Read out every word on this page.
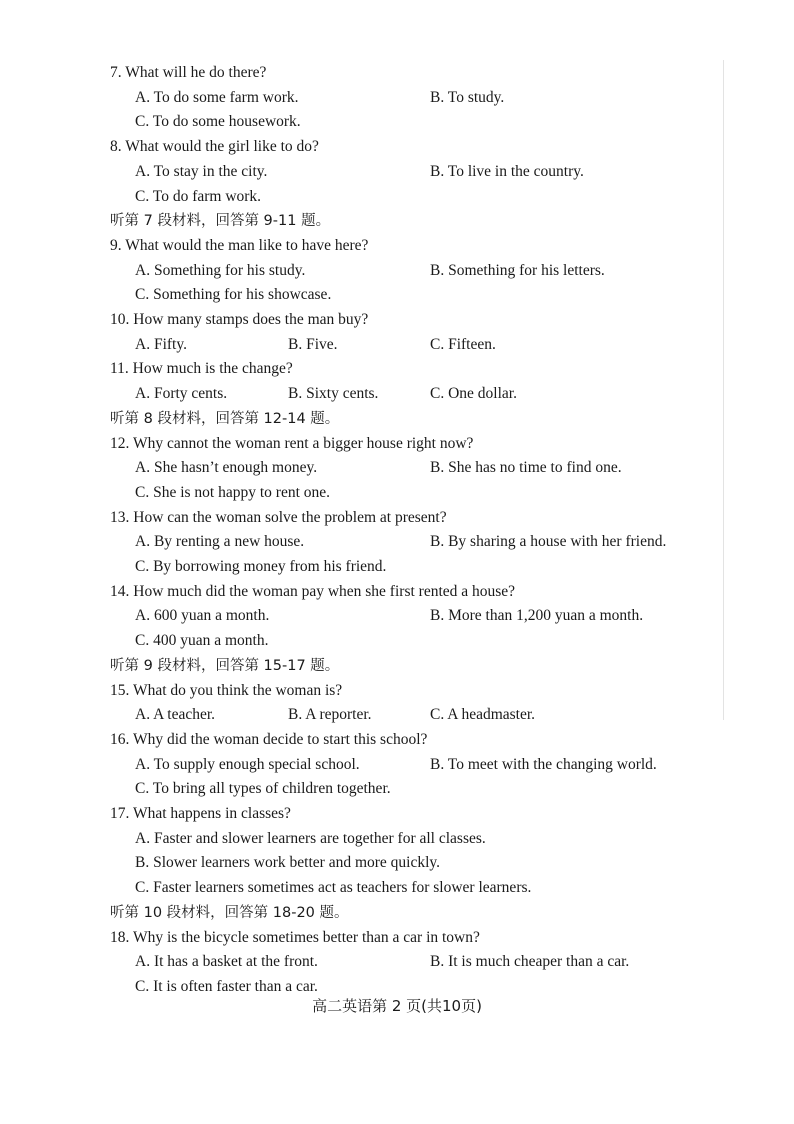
7. What will he do there?
A. To do some farm work.	B. To study.
C. To do some housework.
8. What would the girl like to do?
A. To stay in the city.	B. To live in the country.
C. To do farm work.
听第 7 段材料，回答第 9-11 题。
9. What would the man like to have here?
A. Something for his study.	B. Something for his letters.
C. Something for his showcase.
10. How many stamps does the man buy?
A. Fifty.	B. Five.	C. Fifteen.
11. How much is the change?
A. Forty cents.	B. Sixty cents.	C. One dollar.
听第 8 段材料，回答第 12-14 题。
12. Why cannot the woman rent a bigger house right now?
A. She hasn’t enough money.	B. She has no time to find one.
C. She is not happy to rent one.
13. How can the woman solve the problem at present?
A. By renting a new house.	B. By sharing a house with her friend.
C. By borrowing money from his friend.
14. How much did the woman pay when she first rented a house?
A. 600 yuan a month.	B. More than 1,200 yuan a month.
C. 400 yuan a month.
听第 9 段材料，回答第 15-17 题。
15. What do you think the woman is?
A. A teacher.	B. A reporter.	C. A headmaster.
16. Why did the woman decide to start this school?
A. To supply enough special school.	B. To meet with the changing world.
C. To bring all types of children together.
17. What happens in classes?
A. Faster and slower learners are together for all classes.
B. Slower learners work better and more quickly.
C. Faster learners sometimes act as teachers for slower learners.
听第 10 段材料，回答第 18-20 题。
18. Why is the bicycle sometimes better than a car in town?
A. It has a basket at the front.	B. It is much cheaper than a car.
C. It is often faster than a car.
高二英语第 2 页(共10页)
